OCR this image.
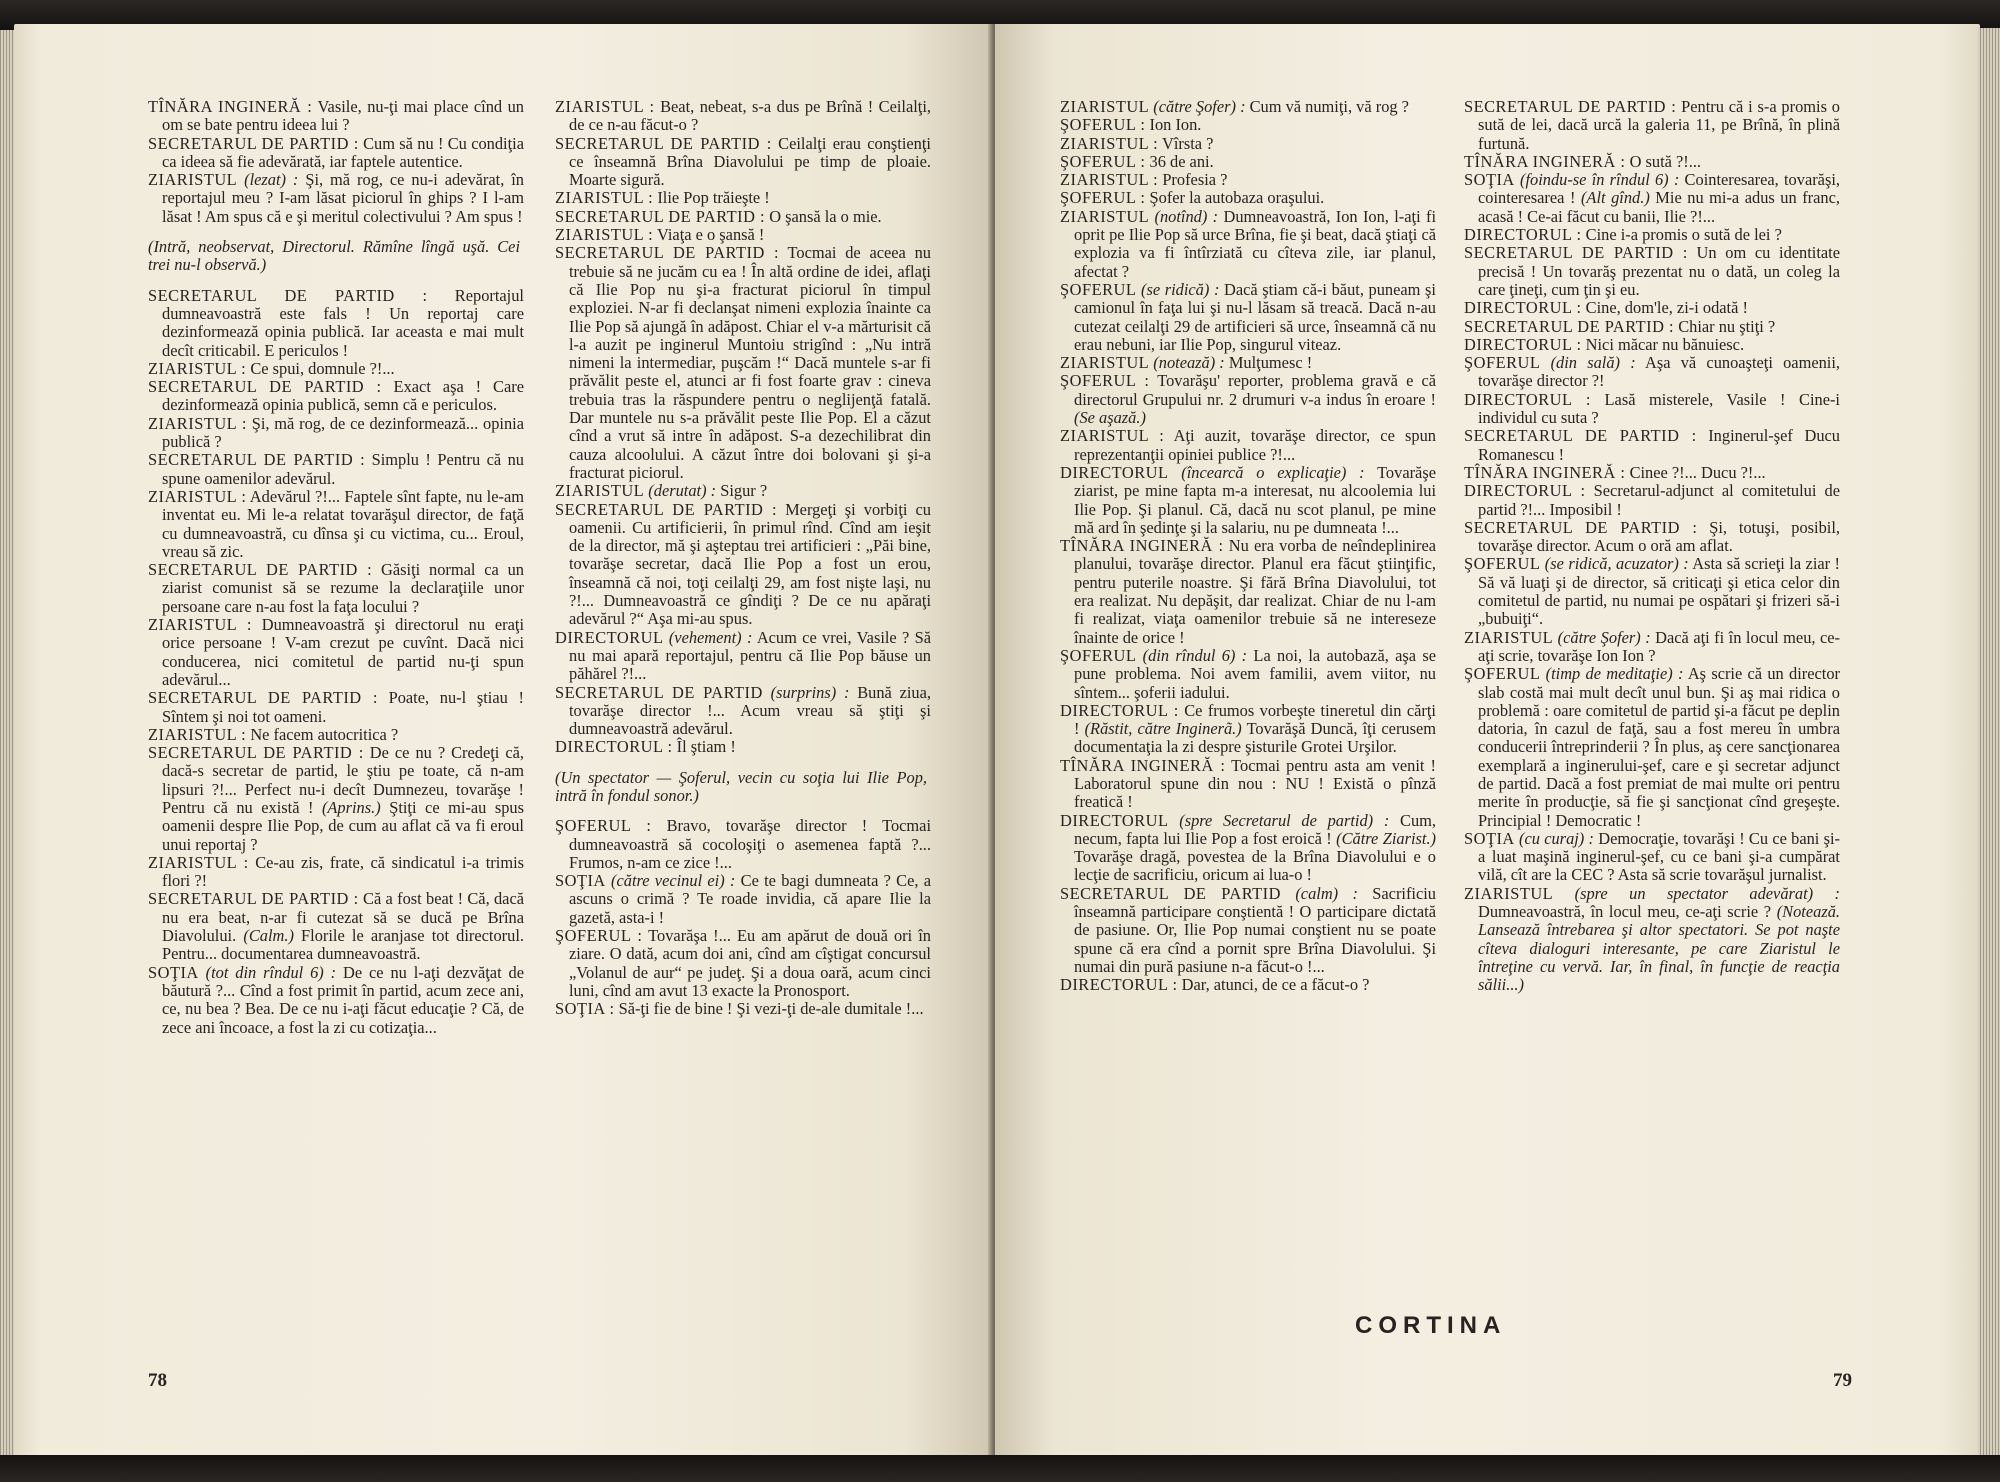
TÎNĂRA INGINERĂ : Vasile, nu-ţi mai place cînd un om se bate pentru ideea lui ?

SECRETARUL DE PARTID : Cum să nu ! Cu condiţia ca ideea să fie adevărată, iar faptele autentice.

ZIARISTUL (lezat) : Şi, mă rog, ce nu-i adevărat, în reportajul meu ? I-am lăsat piciorul în ghips ? I l-am lăsat ! Am spus că e şi meritul colectivului ? Am spus !

(Intră, neobservat, Directorul. Rămîne lîngă uşă. Cei trei nu-l observă.)

SECRETARUL DE PARTID : Reportajul dumneavoastră este fals ! Un reportaj care dezinformează opinia publică. Iar aceasta e mai mult decît criticabil. E periculos !

ZIARISTUL : Ce spui, domnule ?!...

SECRETARUL DE PARTID : Exact aşa ! Care dezinformează opinia publică, semn că e periculos.

ZIARISTUL : Şi, mă rog, de ce dezinformează... opinia publică ?

SECRETARUL DE PARTID : Simplu ! Pentru că nu spune oamenilor adevărul.

ZIARISTUL : Adevărul ?!... Faptele sînt fapte, nu le-am inventat eu. Mi le-a relatat tovarăşul director, de faţă cu dumneavoastră, cu dînsa şi cu victima, cu... Eroul, vreau să zic.

SECRETARUL DE PARTID : Găsiţi normal ca un ziarist comunist să se rezume la declaraţiile unor persoane care n-au fost la faţa locului ?

ZIARISTUL : Dumneavoastră şi directorul nu eraţi orice persoane ! V-am crezut pe cuvînt. Dacă nici conducerea, nici comitetul de partid nu-ţi spun adevărul...

SECRETARUL DE PARTID : Poate, nu-l ştiau ! Sîntem şi noi tot oameni.

ZIARISTUL : Ne facem autocritica ?

SECRETARUL DE PARTID : De ce nu ? Credeţi că, dacă-s secretar de partid, le ştiu pe toate, că n-am lipsuri ?!... Perfect nu-i decît Dumnezeu, tovarăşe ! Pentru că nu există ! (Aprins.) Ştiţi ce mi-au spus oamenii despre Ilie Pop, de cum au aflat că va fi eroul unui reportaj ?

ZIARISTUL : Ce-au zis, frate, că sindicatul i-a trimis flori ?!

SECRETARUL DE PARTID : Că a fost beat ! Că, dacă nu era beat, n-ar fi cutezat să se ducă pe Brîna Diavolului. (Calm.) Florile le aranjase tot directorul. Pentru... documentarea dumneavoastră.

SOŢIA (tot din rîndul 6) : De ce nu l-aţi dezvăţat de băutură ?... Cînd a fost primit în partid, acum zece ani, ce, nu bea ? Bea. De ce nu i-aţi făcut educaţie ? Că, de zece ani încoace, a fost la zi cu cotizaţia...

ZIARISTUL : Beat, nebeat, s-a dus pe Brînă ! Ceilalţi, de ce n-au făcut-o ?

SECRETARUL DE PARTID : Ceilalţi erau conştienţi ce înseamnă Brîna Diavolului pe timp de ploaie. Moarte sigură.

ZIARISTUL : Ilie Pop trăieşte !

SECRETARUL DE PARTID : O şansă la o mie.

ZIARISTUL : Viaţa e o şansă !

SECRETARUL DE PARTID : Tocmai de aceea nu trebuie să ne jucăm cu ea ! În altă ordine de idei, aflaţi că Ilie Pop nu şi-a fracturat piciorul în timpul exploziei. N-ar fi declanşat nimeni explozia înainte ca Ilie Pop să ajungă în adăpost. Chiar el v-a mărturisit că l-a auzit pe inginerul Muntoiu strigînd : „Nu intră nimeni la intermediar, puşcăm !“ Dacă muntele s-ar fi prăvălit peste el, atunci ar fi fost foarte grav : cineva trebuia tras la răspundere pentru o neglijenţă fatală. Dar muntele nu s-a prăvălit peste Ilie Pop. El a căzut cînd a vrut să intre în adăpost. S-a dezechilibrat din cauza alcoolului. A căzut între doi bolovani şi şi-a fracturat piciorul.

ZIARISTUL (derutat) : Sigur ?

SECRETARUL DE PARTID : Mergeţi şi vorbiţi cu oamenii. Cu artificierii, în primul rînd. Cînd am ieşit de la director, mă şi aşteptau trei artificieri : „Păi bine, tovarăşe secretar, dacă Ilie Pop a fost un erou, înseamnă că noi, toţi ceilalţi 29, am fost nişte laşi, nu ?!... Dumneavoastră ce gîndiţi ? De ce nu apăraţi adevărul ?“ Aşa mi-au spus.

DIRECTORUL (vehement) : Acum ce vrei, Vasile ? Să nu mai apară reportajul, pentru că Ilie Pop băuse un păhărel ?!...

SECRETARUL DE PARTID (surprins) : Bună ziua, tovarăşe director !... Acum vreau să ştiţi şi dumneavoastră adevărul.

DIRECTORUL : Îl ştiam !

(Un spectator — Şoferul, vecin cu soţia lui Ilie Pop, intră în fondul sonor.)

ŞOFERUL : Bravo, tovarăşe director ! Tocmai dumneavoastră să cocoloşiţi o asemenea faptă ?... Frumos, n-am ce zice !...

SOŢIA (către vecinul ei) : Ce te bagi dumneata ? Ce, a ascuns o crimă ? Te roade invidia, că apare Ilie la gazetă, asta-i !

ŞOFERUL : Tovarăşa !... Eu am apărut de două ori în ziare. O dată, acum doi ani, cînd am cîştigat concursul „Volanul de aur“ pe judeţ. Şi a doua oară, acum cinci luni, cînd am avut 13 exacte la Pronosport.

SOŢIA : Să-ţi fie de bine ! Şi vezi-ţi de-ale dumitale !...

78

ZIARISTUL (către Şofer) : Cum vă numiţi, vă rog ?

ŞOFERUL : Ion Ion.

ZIARISTUL : Vîrsta ?

ŞOFERUL : 36 de ani.

ZIARISTUL : Profesia ?

ŞOFERUL : Şofer la autobaza oraşului.

ZIARISTUL (notînd) : Dumneavoastră, Ion Ion, l-aţi fi oprit pe Ilie Pop să urce Brîna, fie şi beat, dacă ştiaţi că explozia va fi întîrziată cu cîteva zile, iar planul, afectat ?

ŞOFERUL (se ridică) : Dacă ştiam că-i băut, puneam şi camionul în faţa lui şi nu-l lăsam să treacă. Dacă n-au cutezat ceilalţi 29 de artificieri să urce, înseamnă că nu erau nebuni, iar Ilie Pop, singurul viteaz.

ZIARISTUL (notează) : Mulţumesc !

ŞOFERUL : Tovarăşu' reporter, problema gravă e că directorul Grupului nr. 2 drumuri v-a indus în eroare ! (Se aşază.)

ZIARISTUL : Aţi auzit, tovarăşe director, ce spun reprezentanţii opiniei publice ?!...

DIRECTORUL (încearcă o explicaţie) : Tovarăşe ziarist, pe mine fapta m-a interesat, nu alcoolemia lui Ilie Pop. Şi planul. Că, dacă nu scot planul, pe mine mă ard în şedinţe şi la salariu, nu pe dumneata !...

TÎNĂRA INGINERĂ : Nu era vorba de neîndeplinirea planului, tovarăşe director. Planul era făcut ştiinţific, pentru puterile noastre. Şi fără Brîna Diavolului, tot era realizat. Nu depăşit, dar realizat. Chiar de nu l-am fi realizat, viaţa oamenilor trebuie să ne intereseze înainte de orice !

ŞOFERUL (din rîndul 6) : La noi, la autobază, aşa se pune problema. Noi avem familii, avem viitor, nu sîntem... şoferii iadului.

DIRECTORUL : Ce frumos vorbeşte tineretul din cărţi ! (Răstit, către Inginerã.) Tovarăşă Duncă, îţi cerusem documentaţia la zi despre şisturile Grotei Urşilor.

TÎNĂRA INGINERĂ : Tocmai pentru asta am venit ! Laboratorul spune din nou : NU ! Există o pînză freatică !

DIRECTORUL (spre Secretarul de partid) : Cum, necum, fapta lui Ilie Pop a fost eroică ! (Către Ziarist.) Tovarăşe dragă, povestea de la Brîna Diavolului e o lecţie de sacrificiu, oricum ai lua-o !

SECRETARUL DE PARTID (calm) : Sacrificiu înseamnă participare conştientă ! O participare dictată de pasiune. Or, Ilie Pop numai conştient nu se poate spune că era cînd a pornit spre Brîna Diavolului. Şi numai din pură pasiune n-a făcut-o !...

DIRECTORUL : Dar, atunci, de ce a făcut-o ?

SECRETARUL DE PARTID : Pentru că i s-a promis o sută de lei, dacă urcă la galeria 11, pe Brînă, în plină furtună.

TÎNĂRA INGINERĂ : O sută ?!...

SOŢIA (foindu-se în rîndul 6) : Cointeresarea, tovarăşi, cointeresarea ! (Alt gînd.) Mie nu mi-a adus un franc, acasă ! Ce-ai făcut cu banii, Ilie ?!...

DIRECTORUL : Cine i-a promis o sută de lei ?

SECRETARUL DE PARTID : Un om cu identitate precisă ! Un tovarăş prezentat nu o dată, un coleg la care ţineţi, cum ţin şi eu.

DIRECTORUL : Cine, dom'le, zi-i odată !

SECRETARUL DE PARTID : Chiar nu ştiţi ?

DIRECTORUL : Nici măcar nu bănuiesc.

ŞOFERUL (din sală) : Aşa vă cunoaşteţi oamenii, tovarăşe director ?!

DIRECTORUL : Lasă misterele, Vasile ! Cine-i individul cu suta ?

SECRETARUL DE PARTID : Inginerul-şef Ducu Romanescu !

TÎNĂRA INGINERĂ : Cinee ?!... Ducu ?!...

DIRECTORUL : Secretarul-adjunct al comitetului de partid ?!... Imposibil !

SECRETARUL DE PARTID : Şi, totuşi, posibil, tovarăşe director. Acum o oră am aflat.

ŞOFERUL (se ridică, acuzator) : Asta să scrieţi la ziar ! Să vă luaţi şi de director, să criticaţi şi etica celor din comitetul de partid, nu numai pe ospătari şi frizeri să-i „bubuiţi“.

ZIARISTUL (către Şofer) : Dacă aţi fi în locul meu, ce-aţi scrie, tovarăşe Ion Ion ?

ŞOFERUL (timp de meditaţie) : Aş scrie că un director slab costă mai mult decît unul bun. Şi aş mai ridica o problemă : oare comitetul de partid şi-a făcut pe deplin datoria, în cazul de faţă, sau a fost mereu în umbra conducerii întreprinderii ? În plus, aş cere sancţionarea exemplară a inginerului-şef, care e şi secretar adjunct de partid. Dacă a fost premiat de mai multe ori pentru merite în producţie, să fie şi sancţionat cînd greşeşte. Principial ! Democratic !

SOŢIA (cu curaj) : Democraţie, tovarăşi ! Cu ce bani şi-a luat maşină inginerul-şef, cu ce bani şi-a cumpărat vilă, cît are la CEC ? Asta să scrie tovarăşul jurnalist.

ZIARISTUL (spre un spectator adevărat) : Dumneavoastră, în locul meu, ce-aţi scrie ? (Notează. Lansează întrebarea şi altor spectatori. Se pot naşte cîteva dialoguri interesante, pe care Ziaristul le întreţine cu vervă. Iar, în final, în funcţie de reacţia sălii...)

CORTINA
79
